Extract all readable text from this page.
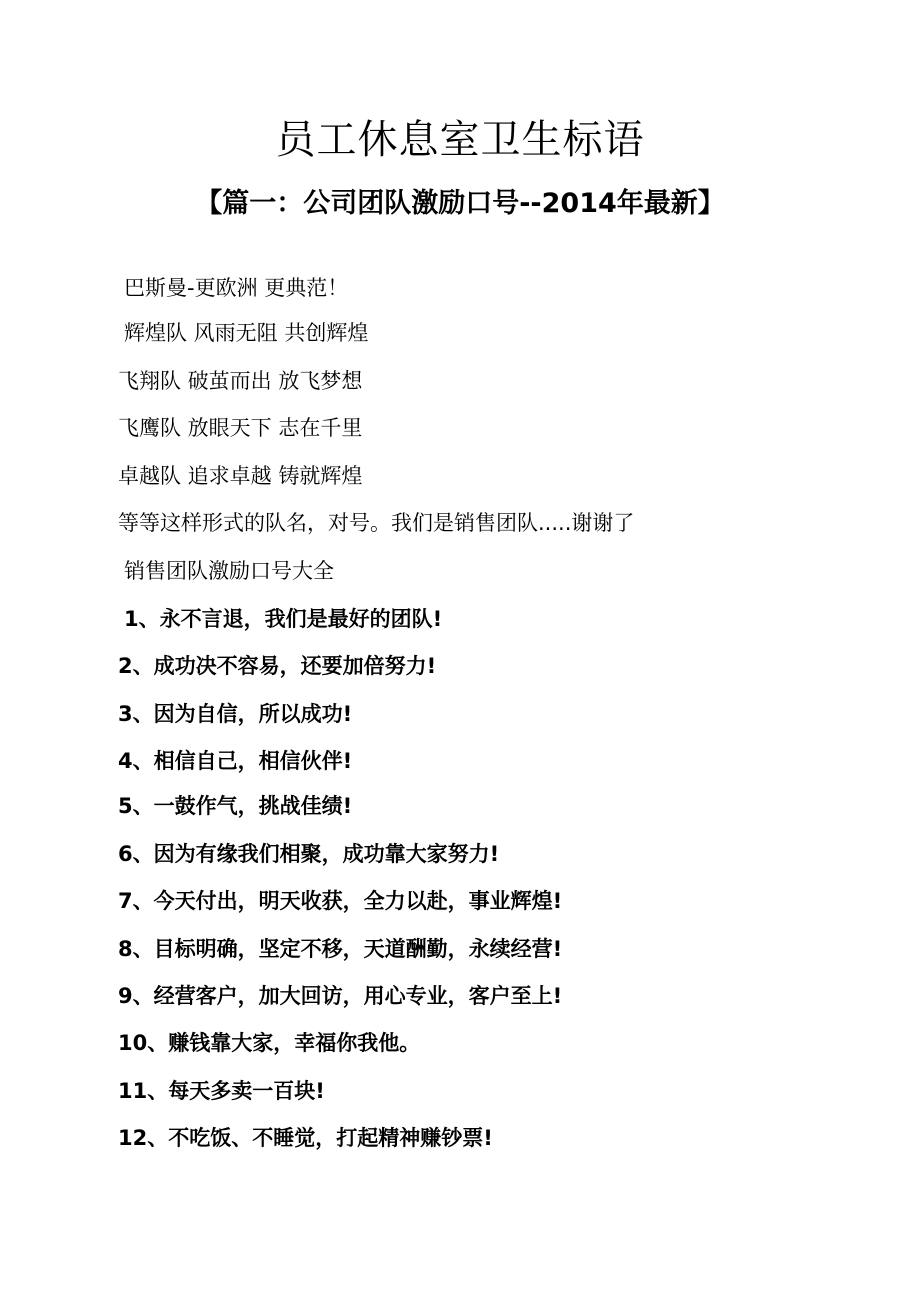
员工休息室卫生标语
【篇一：公司团队激励口号--2014年最新】

巴斯曼-更欧洲 更典范！

辉煌队 风雨无阻 共创辉煌

飞翔队 破茧而出 放飞梦想

飞鹰队 放眼天下 志在千里

卓越队 追求卓越 铸就辉煌

等等这样形式的队名，对号。我们是销售团队.....谢谢了

销售团队激励口号大全

1、永不言退，我们是最好的团队!

2、成功决不容易，还要加倍努力!

3、因为自信，所以成功!

4、相信自己，相信伙伴!

5、一鼓作气，挑战佳绩!

6、因为有缘我们相聚，成功靠大家努力!

7、今天付出，明天收获，全力以赴，事业辉煌!

8、目标明确，坚定不移，天道酬勤，永续经营!

9、经营客户，加大回访，用心专业，客户至上!

10、赚钱靠大家，幸福你我他。

11、每天多卖一百块!

12、不吃饭、不睡觉，打起精神赚钞票!
